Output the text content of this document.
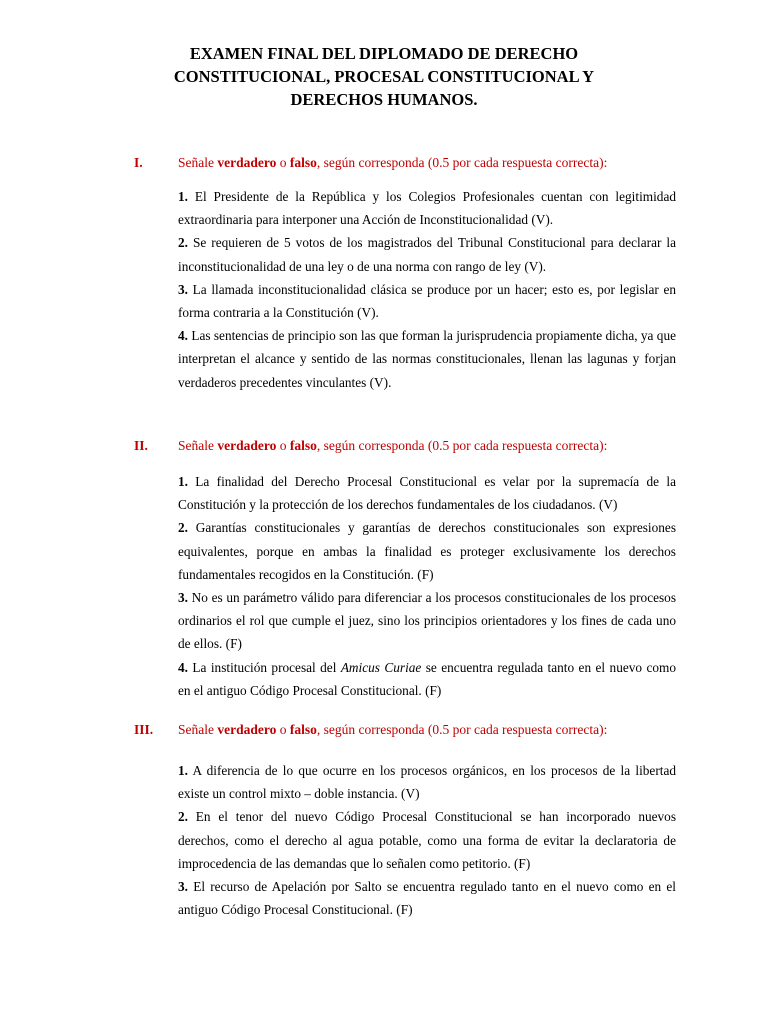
EXAMEN FINAL DEL DIPLOMADO DE DERECHO
CONSTITUCIONAL, PROCESAL CONSTITUCIONAL Y
DERECHOS HUMANOS.
I.	Señale verdadero o falso, según corresponda (0.5 por cada respuesta correcta):
1. El Presidente de la República y los Colegios Profesionales cuentan con legitimidad extraordinaria para interponer una Acción de Inconstitucionalidad (V).
2. Se requieren de 5 votos de los magistrados del Tribunal Constitucional para declarar la inconstitucionalidad de una ley o de una norma con rango de ley (V).
3. La llamada inconstitucionalidad clásica se produce por un hacer; esto es, por legislar en forma contraria a la Constitución (V).
4. Las sentencias de principio son las que forman la jurisprudencia propiamente dicha, ya que interpretan el alcance y sentido de las normas constitucionales, llenan las lagunas y forjan verdaderos precedentes vinculantes (V).
II. Señale verdadero o falso, según corresponda (0.5 por cada respuesta correcta):
1. La finalidad del Derecho Procesal Constitucional es velar por la supremacía de la Constitución y la protección de los derechos fundamentales de los ciudadanos. (V)
2. Garantías constitucionales y garantías de derechos constitucionales son expresiones equivalentes, porque en ambas la finalidad es proteger exclusivamente los derechos fundamentales recogidos en la Constitución. (F)
3. No es un parámetro válido para diferenciar a los procesos constitucionales de los procesos ordinarios el rol que cumple el juez, sino los principios orientadores y los fines de cada uno de ellos. (F)
4. La institución procesal del Amicus Curiae se encuentra regulada tanto en el nuevo como en el antiguo Código Procesal Constitucional. (F)
III. Señale verdadero o falso, según corresponda (0.5 por cada respuesta correcta):
1. A diferencia de lo que ocurre en los procesos orgánicos, en los procesos de la libertad existe un control mixto – doble instancia. (V)
2. En el tenor del nuevo Código Procesal Constitucional se han incorporado nuevos derechos, como el derecho al agua potable, como una forma de evitar la declaratoria de improcedencia de las demandas que lo señalen como petitorio. (F)
3. El recurso de Apelación por Salto se encuentra regulado tanto en el nuevo como en el antiguo Código Procesal Constitucional. (F)
